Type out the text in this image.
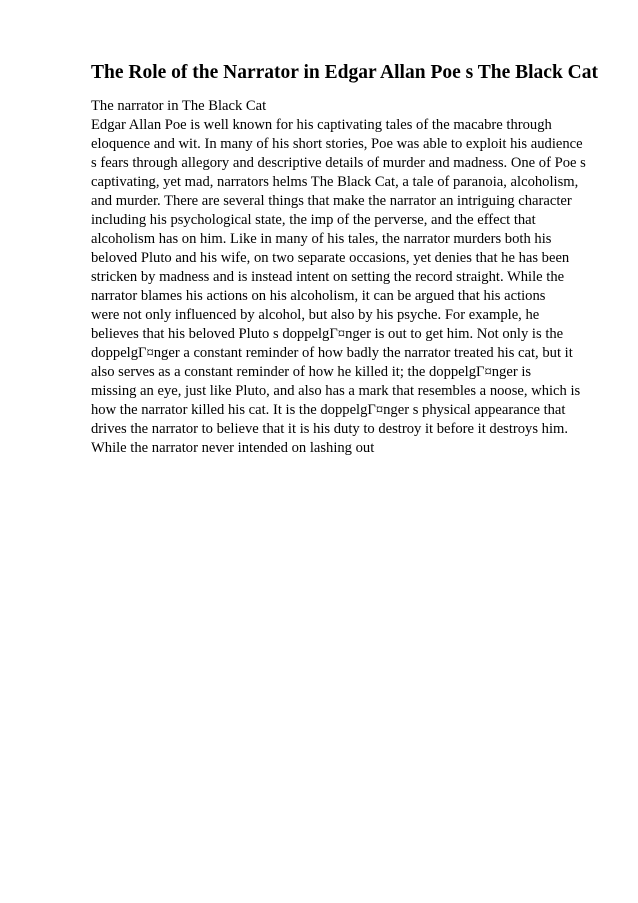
The Role of the Narrator in Edgar Allan Poe s The Black Cat
The narrator in The Black Cat
Edgar Allan Poe is well known for his captivating tales of the macabre through
eloquence and wit. In many of his short stories, Poe was able to exploit his audience
s fears through allegory and descriptive details of murder and madness. One of Poe s
captivating, yet mad, narrators helms The Black Cat, a tale of paranoia, alcoholism,
and murder. There are several things that make the narrator an intriguing character
including his psychological state, the imp of the perverse, and the effect that
alcoholism has on him. Like in many of his tales, the narrator murders both his
beloved Pluto and his wife, on two separate occasions, yet denies that he has been
stricken by madness and is instead intent on setting the record straight. While the
narrator blames his actions on his alcoholism, it can be argued that his actions
were not only influenced by alcohol, but also by his psyche. For example, he
believes that his beloved Pluto s doppelgГ¤nger is out to get him. Not only is the
doppelgГ¤nger a constant reminder of how badly the narrator treated his cat, but it
also serves as a constant reminder of how he killed it; the doppelgГ¤nger is
missing an eye, just like Pluto, and also has a mark that resembles a noose, which is
how the narrator killed his cat. It is the doppelgГ¤nger s physical appearance that
drives the narrator to believe that it is his duty to destroy it before it destroys him.
While the narrator never intended on lashing out
